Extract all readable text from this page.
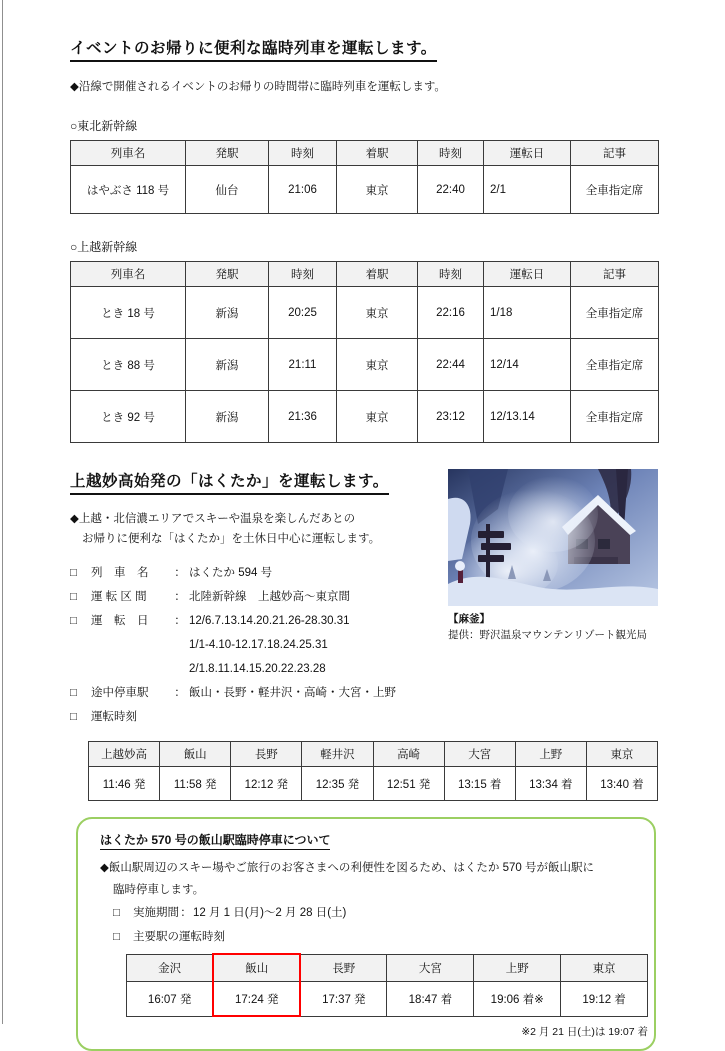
イベントのお帰りに便利な臨時列車を運転します。
◆沿線で開催されるイベントのお帰りの時間帯に臨時列車を運転します。
○東北新幹線
列車名	発駅	時刻	着駅	時刻	運転日	記事
はやぶさ 118 号	仙台	21:06	東京	22:40	2/1	全車指定席
○上越新幹線
列車名	発駅	時刻	着駅	時刻	運転日	記事
とき 18 号	新潟	20:25	東京	22:16	1/18	全車指定席
とき 88 号	新潟	21:11	東京	22:44	12/14	全車指定席
とき 92 号	新潟	21:36	東京	23:12	12/13.14	全車指定席
上越妙高始発の「はくたか」を運転します。
◆上越・北信濃エリアでスキーや温泉を楽しんだあとの
お帰りに便利な「はくたか」を土休日中心に運転します。
□	列　車　名	： はくたか 594 号
□	運 転 区 間	： 北陸新幹線　上越妙高～東京間
□	運　転　日	： 12/6.7.13.14.20.21.26-28.30.31
1/1-4.10-12.17.18.24.25.31
2/1.8.11.14.15.20.22.23.28
□	途中停車駅	： 飯山・長野・軽井沢・高崎・大宮・上野
□	運転時刻
【麻釜】
提供：野沢温泉マウンテンリゾート観光局
上越妙高	飯山	長野	軽井沢	高崎	大宮	上野	東京
11:46 発	11:58 発	12:12 発	12:35 発	12:51 発	13:15 着	13:34 着	13:40 着
はくたか 570 号の飯山駅臨時停車について
◆飯山駅周辺のスキー場やご旅行のお客さまへの利便性を図るため、はくたか 570 号が飯山駅に
臨時停車します。
□	実施期間 ： 12 月 1 日(月)～2 月 28 日(土)
□	主要駅の運転時刻
金沢	飯山	長野	大宮	上野	東京
16:07 発	17:24 発	17:37 発	18:47 着	19:06 着※	19:12 着
※2 月 21 日(土)は 19:07 着
